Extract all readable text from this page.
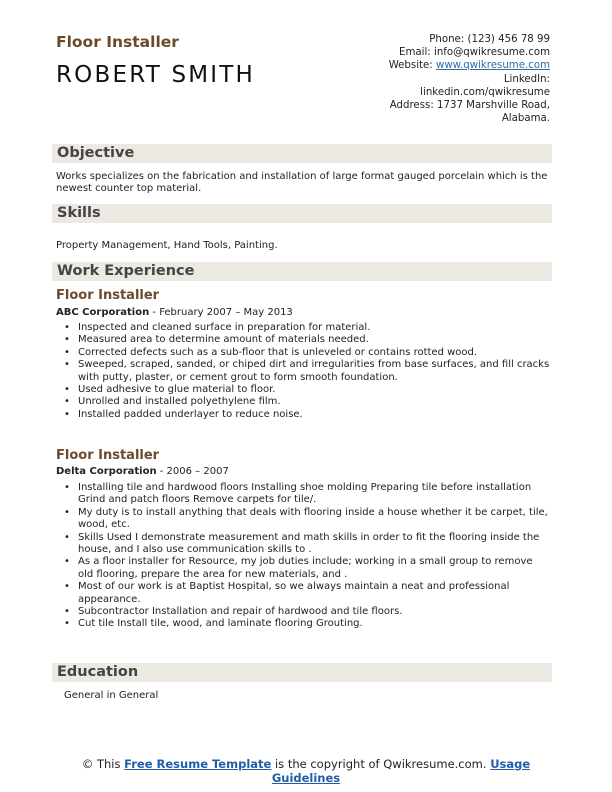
Floor Installer
ROBERT SMITH
Phone: (123) 456 78 99
Email: info@qwikresume.com
Website: www.qwikresume.com
LinkedIn:
linkedin.com/qwikresume
Address: 1737 Marshville Road,
Alabama.
Objective
Works specializes on the fabrication and installation of large format gauged porcelain which is the newest counter top material.
Skills
Property Management, Hand Tools, Painting.
Work Experience
Floor Installer
ABC Corporation - February 2007 – May 2013
• Inspected and cleaned surface in preparation for material.
• Measured area to determine amount of materials needed.
• Corrected defects such as a sub-floor that is unleveled or contains rotted wood.
• Sweeped, scraped, sanded, or chiped dirt and irregularities from base surfaces, and fill cracks with putty, plaster, or cement grout to form smooth foundation.
• Used adhesive to glue material to floor.
• Unrolled and installed polyethylene film.
• Installed padded underlayer to reduce noise.
Floor Installer
Delta Corporation - 2006 – 2007
• Installing tile and hardwood floors Installing shoe molding Preparing tile before installation Grind and patch floors Remove carpets for tile/.
• My duty is to install anything that deals with flooring inside a house whether it be carpet, tile, wood, etc.
• Skills Used I demonstrate measurement and math skills in order to fit the flooring inside the house, and I also use communication skills to .
• As a floor installer for Resource, my job duties include; working in a small group to remove old flooring, prepare the area for new materials, and .
• Most of our work is at Baptist Hospital, so we always maintain a neat and professional appearance.
• Subcontractor Installation and repair of hardwood and tile floors.
• Cut tile Install tile, wood, and laminate flooring Grouting.
Education
General in General
© This Free Resume Template is the copyright of Qwikresume.com. Usage Guidelines
